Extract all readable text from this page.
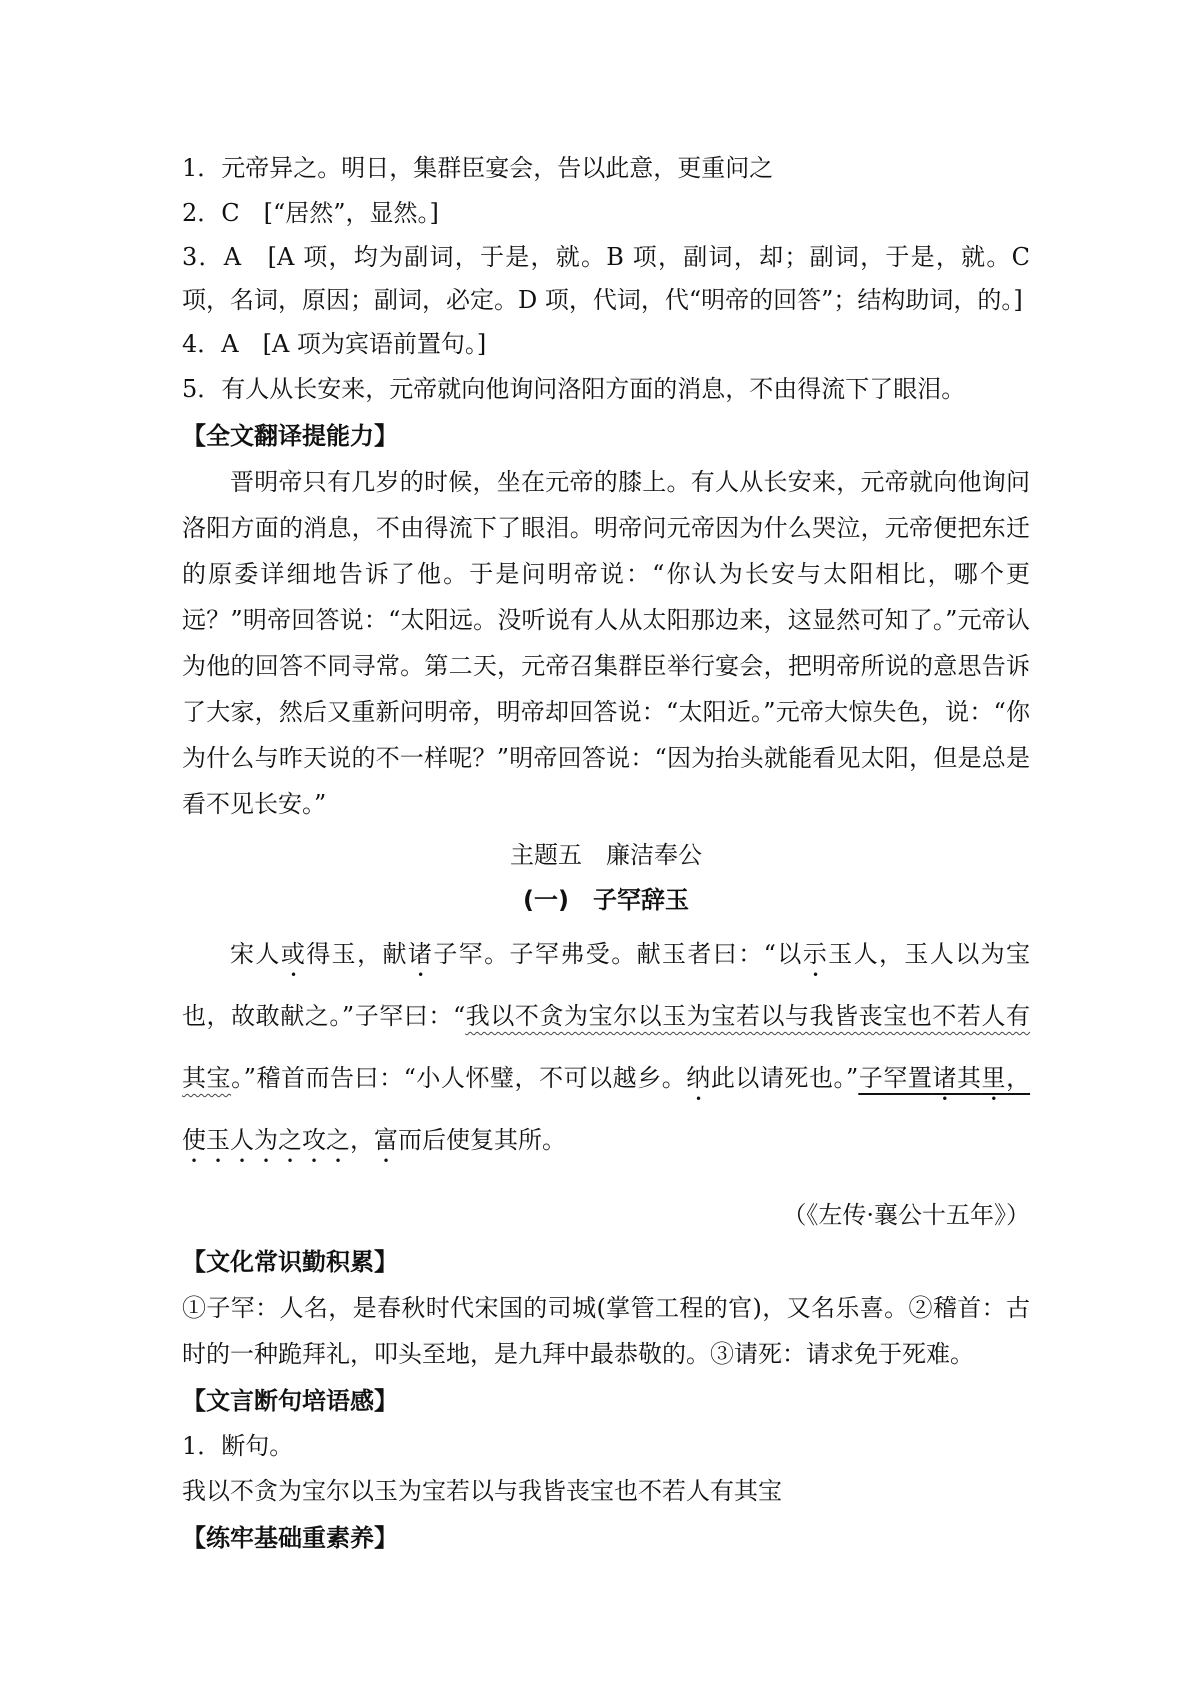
1．元帝异之。明日，集群臣宴会，告以此意，更重问之

2．C　[“居然”，显然。]

3．A　[A 项，均为副词，于是，就。B 项，副词，却；副词，于是，就。C 项，名词，原因；副词，必定。D 项，代词，代“明帝的回答”；结构助词，的。]

4．A　[A 项为宾语前置句。]

5．有人从长安来，元帝就向他询问洛阳方面的消息，不由得流下了眼泪。

【全文翻译提能力】

晋明帝只有几岁的时候，坐在元帝的膝上。有人从长安来，元帝就向他询问洛阳方面的消息，不由得流下了眼泪。明帝问元帝因为什么哭泣，元帝便把东迁的原委详细地告诉了他。于是问明帝说：“你认为长安与太阳相比，哪个更远？”明帝回答说：“太阳远。没听说有人从太阳那边来，这显然可知了。”元帝认为他的回答不同寻常。第二天，元帝召集群臣举行宴会，把明帝所说的意思告诉了大家，然后又重新问明帝，明帝却回答说：“太阳近。”元帝大惊失色，说：“你为什么与昨天说的不一样呢？”明帝回答说：“因为抬头就能看见太阳，但是总是看不见长安。”

主题五　廉洁奉公

(一)　子罕辞玉

宋人或得玉，献诸子罕。子罕弗受。献玉者曰：“以示玉人，玉人以为宝也，故敢献之。”子罕曰：“我以不贪为宝尔以玉为宝若以与我皆丧宝也不若人有其宝。”稽首而告曰：“小人怀璧，不可以越乡。纳此以请死也。”子罕置诸其里，使玉人为之攻之，富而后使复其所。

（《左传·襄公十五年》）

【文化常识勤积累】

①子罕：人名，是春秋时代宋国的司城(掌管工程的官)，又名乐喜。②稽首：古时的一种跪拜礼，叩头至地，是九拜中最恭敬的。③请死：请求免于死难。

【文言断句培语感】

1．断句。

我以不贪为宝尔以玉为宝若以与我皆丧宝也不若人有其宝

【练牢基础重素养】
